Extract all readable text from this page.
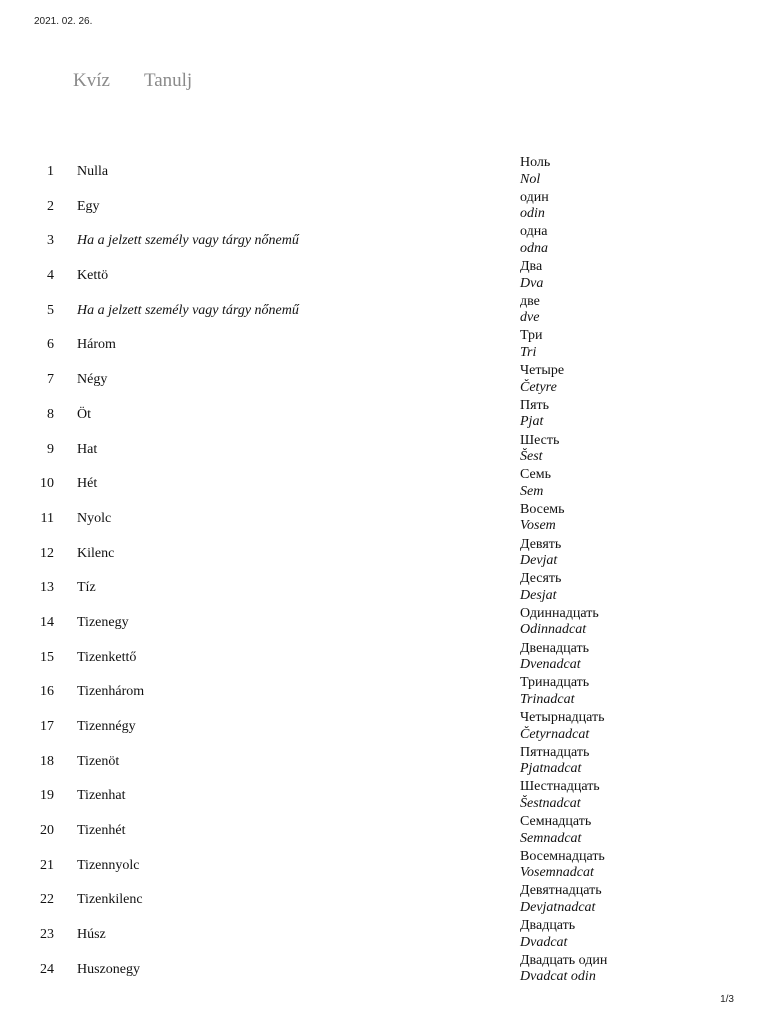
2021. 02. 26.
Kvíz Tanulj
1 Nulla
Ноль
Nol
2 Egy
один
odin
3 Ha a jelzett személy vagy tárgy nőnemű
одна
odna
4 Kettö
Два
Dva
5 Ha a jelzett személy vagy tárgy nőnemű
две
dve
6 Három
Три
Tri
7 Négy
Четыре
Četyre
8 Öt
Пять
Pjat
9 Hat
Шесть
Šest
10 Hét
Семь
Sem
11 Nyolc
Восемь
Vosem
12 Kilenc
Девять
Devjat
13 Tíz
Десять
Desjat
14 Tizenegy
Одиннадцать
Odinnadcat
15 Tizenkettő
Двенадцать
Dvenadcat
16 Tizenhárom
Тринадцать
Trinadcat
17 Tizennégy
Четырнадцать
Četyrnadcat
18 Tizenöt
Пятнадцать
Pjatnadcat
19 Tizenhat
Шестнадцать
Šestnadcat
20 Tizenhét
Семнадцать
Semnadcat
21 Tizennyolc
Восемнадцать
Vosemnadcat
22 Tizenkilenc
Девятнадцать
Devjatnadcat
23 Húsz
Двадцать
Dvadcat
24 Huszonegy
Двадцать один
Dvadcat odin
1/3
